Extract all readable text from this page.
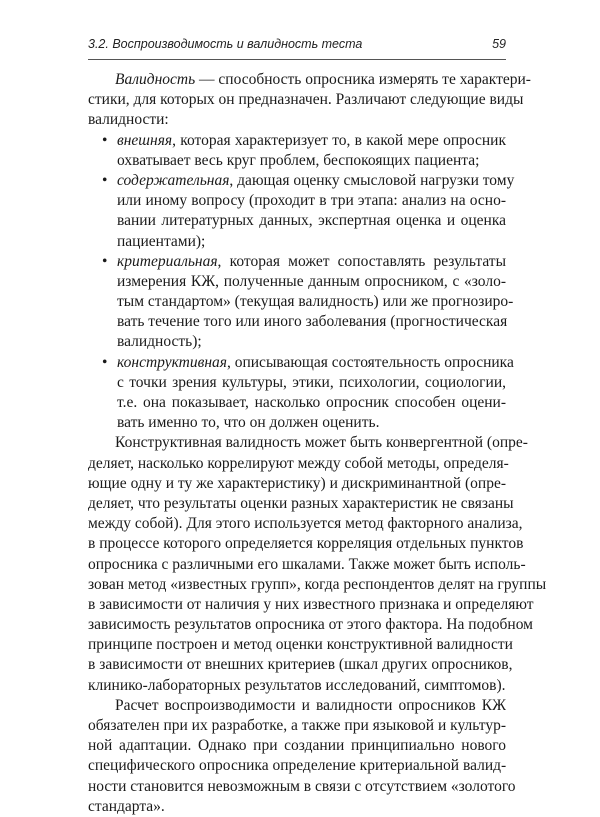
3.2. Воспроизводимость и валидность теста	59
Валидность — способность опросника измерять те характери-
стики, для которых он предназначен. Различают следующие виды
валидности:
• внешняя, которая характеризует то, в какой мере опросник
охватывает весь круг проблем, беспокоящих пациента;
• содержательная, дающая оценку смысловой нагрузки тому
или иному вопросу (проходит в три этапа: анализ на осно-
вании литературных данных, экспертная оценка и оценка
пациентами);
• критериальная, которая может сопоставлять результаты
измерения КЖ, полученные данным опросником, с «золо-
тым стандартом» (текущая валидность) или же прогнозиро-
вать течение того или иного заболевания (прогностическая
валидность);
• конструктивная, описывающая состоятельность опросника
с точки зрения культуры, этики, психологии, социологии,
т.е. она показывает, насколько опросник способен оцени-
вать именно то, что он должен оценить.
Конструктивная валидность может быть конвергентной (опре-
деляет, насколько коррелируют между собой методы, определя-
ющие одну и ту же характеристику) и дискриминантной (опре-
деляет, что результаты оценки разных характеристик не связаны
между собой). Для этого используется метод факторного анализа,
в процессе которого определяется корреляция отдельных пунктов
опросника с различными его шкалами. Также может быть исполь-
зован метод «известных групп», когда респондентов делят на группы
в зависимости от наличия у них известного признака и определяют
зависимость результатов опросника от этого фактора. На подобном
принципе построен и метод оценки конструктивной валидности
в зависимости от внешних критериев (шкал других опросников,
клинико-лабораторных результатов исследований, симптомов).
Расчет воспроизводимости и валидности опросников КЖ
обязателен при их разработке, а также при языковой и культур-
ной адаптации. Однако при создании принципиально нового
специфического опросника определение критериальной валид-
ности становится невозможным в связи с отсутствием «золотого
стандарта».
